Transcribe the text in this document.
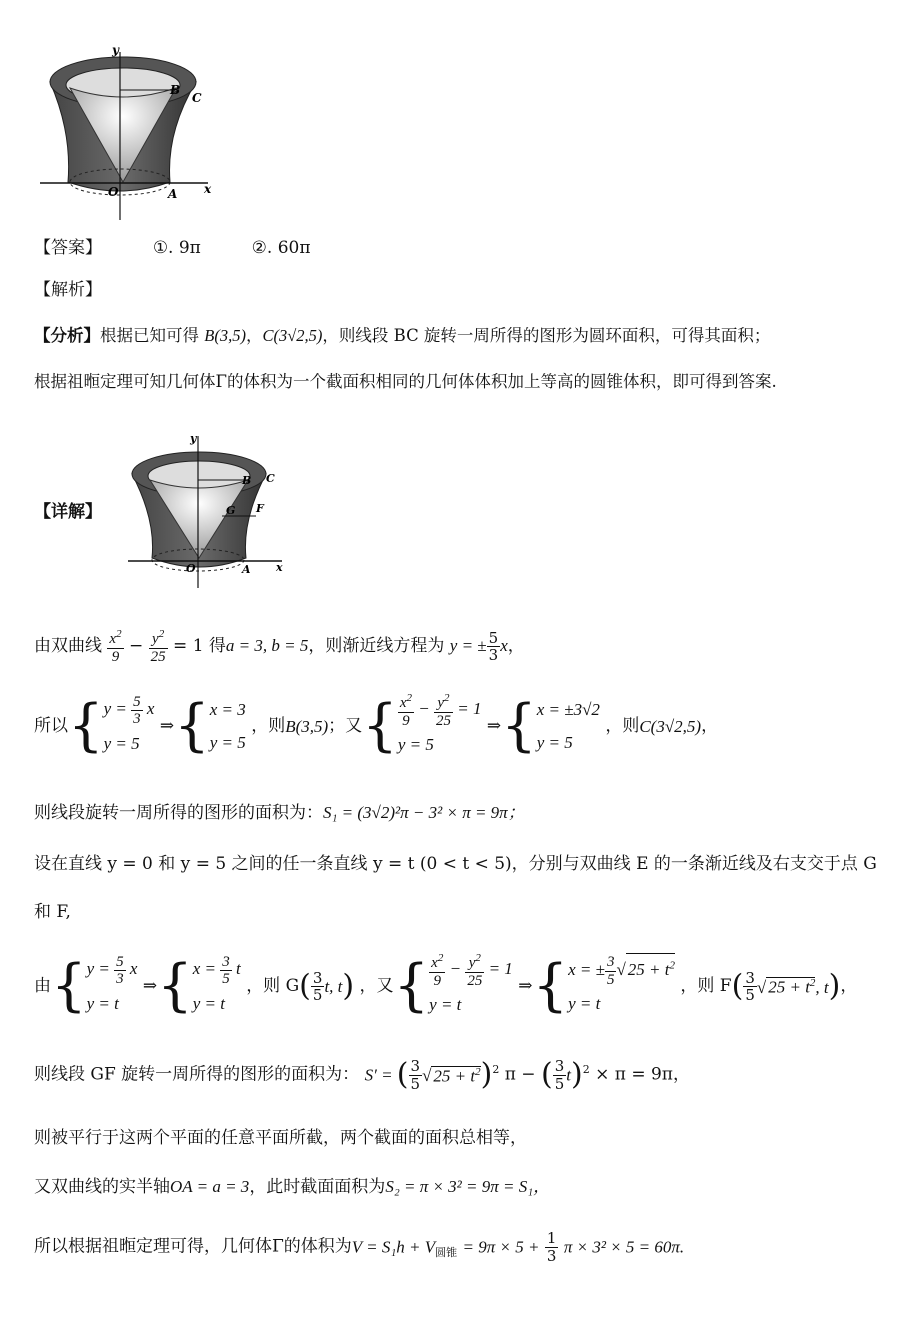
y
x
B
C
O	A
【答案】	①. 9π	②. 60π
【解析】
【分析】根据已知可得 B(3,5)，C(3√2,5)，则线段 BC 旋转一周所得的图形为圆环面积，可得其面积；
根据祖暅定理可知几何体Γ的体积为一个截面积相同的几何体体积加上等高的圆锥体积，即可得到答案.
y
x
B C
G F
O	A
【详解】
由双曲线 $\frac{x^2}{9} - \frac{y^2}{25} = 1$ 得a = 3, b = 5，则渐近线方程为 y = ± $\frac{5}{3}$ x，
所以{$y = \frac{5}{3}$ x
y = 5 ⇒{x = 3
y = 5 ，则B(3,5)；又{ $\frac{x^2}{9} - \frac{y^2}{25} = 1$
y = 5 ⇒{x = ±3√2
y = 5 ，则C(3√2,5)，
则线段旋转一周所得的图形的面积为：S₁ = (3√2)²π − 3² × π = 9π；
设在直线 y = 0 和 y = 5 之间的任一条直线 y = t (0 < t < 5)，分别与双曲线 E 的一条渐近线及右支交于点 G
和 F,
由{$y = \frac{5}{3}$ x
y = t ⇒{x = $\frac{3}{5}$ t
y = t ，则 $G( \frac{3}{5} t$, t) ，又{ $\frac{x^2}{9} - \frac{y^2}{25} = 1$
y = t ⇒{x = ± $\frac{3}{5}$ √ $25 + t^2$
y = t ，则 $F( \frac{3}{5}$ √ $25 + t^2$, t)，
则线段 GF 旋转一周所得的图形的面积为： S′ = ( $\frac{3}{5}$ √ $25 + t^2)^2$ π − ( $\frac{3}{5} t)^2 \times \pi = 9\pi$，
则被平行于这两个平面的任意平面所截，两个截面的面积总相等，
又双曲线的实半轴OA = a = 3，此时截面面积为S₂ = π × 3² = 9π = S₁，
所以根据祖暅定理可得，几何体Γ的体积为$V = S_1h + V_{圆锥} = 9\pi \times 5 + \frac{1}{3}$ π × 3² × 5 = 60π.
